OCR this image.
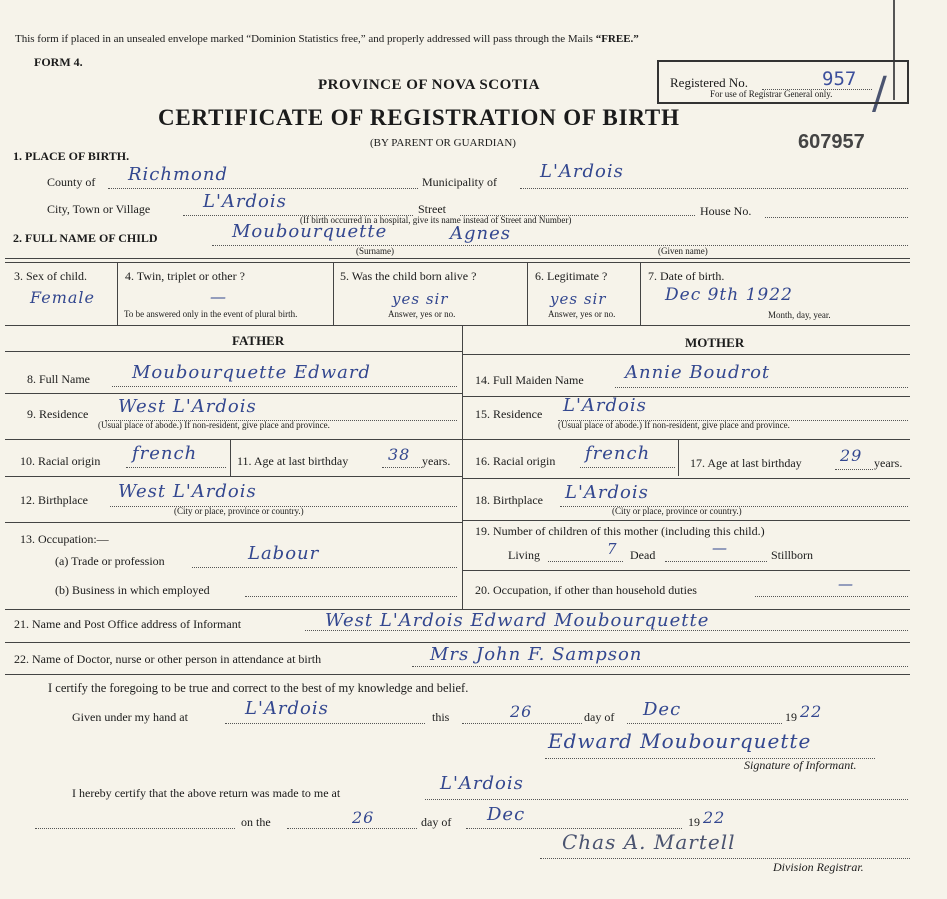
/
This form if placed in an unsealed envelope marked “Dominion Statistics free,” and properly addressed will pass through the Mails “FREE.”
FORM 4.
PROVINCE OF NOVA SCOTIA
CERTIFICATE OF REGISTRATION OF BIRTH
(BY PARENT OR GUARDIAN)
Registered No.	957
For use of Registrar General only.
607957
1. PLACE OF BIRTH.
County of Richmond	Municipality of L'Ardois
City, Town or Village	L'Ardois	Street	House No.
(If birth occurred in a hospital, give its name instead of Street and Number)
2. FULL NAME OF CHILD	Moubourquette	Agnes
(Surname)	(Given name)
3. Sex of child.
Female
4. Twin, triplet or other ?
—
To be answered only in the event of plural birth.
5. Was the child born alive ?
yes sir
Answer, yes or no.
6. Legitimate ?
yes sir
Answer, yes or no.
7. Date of birth.
Dec 9th 1922
Month, day, year.
FATHER
8. Full Name Moubourquette Edward
9. Residence West L'Ardois
(Usual place of abode.) If non-resident, give place and province.
10. Racial origin french	11. Age at last birthday 38 years.
12. Birthplace West L'Ardois
(City or place, province or country.)
13. Occupation:—
(a) Trade or profession	Labour
(b) Business in which employed
MOTHER
14. Full Maiden Name Annie Boudrot
15. Residence L'Ardois
(Usual place of abode.) If non-resident, give place and province.
16. Racial origin french	17. Age at last birthday 29 years.
18. Birthplace L'Ardois
(City or place, province or country.)
19. Number of children of this mother (including this child.)
Living	7 Dead	—	Stillborn
20. Occupation, if other than household duties	—
21. Name and Post Office address of Informant	West L'Ardois Edward Moubourquette
22. Name of Doctor, nurse or other person in attendance at birth	Mrs John F. Sampson
I certify the foregoing to be true and correct to the best of my knowledge and belief.
Given under my hand at	L'Ardois	this	26	day of Dec	19 22
Edward Moubourquette
Signature of Informant.
I hereby certify that the above return was made to me at	L'Ardois
on the	26	day of Dec	19 22
Chas A. Martell
Division Registrar.
